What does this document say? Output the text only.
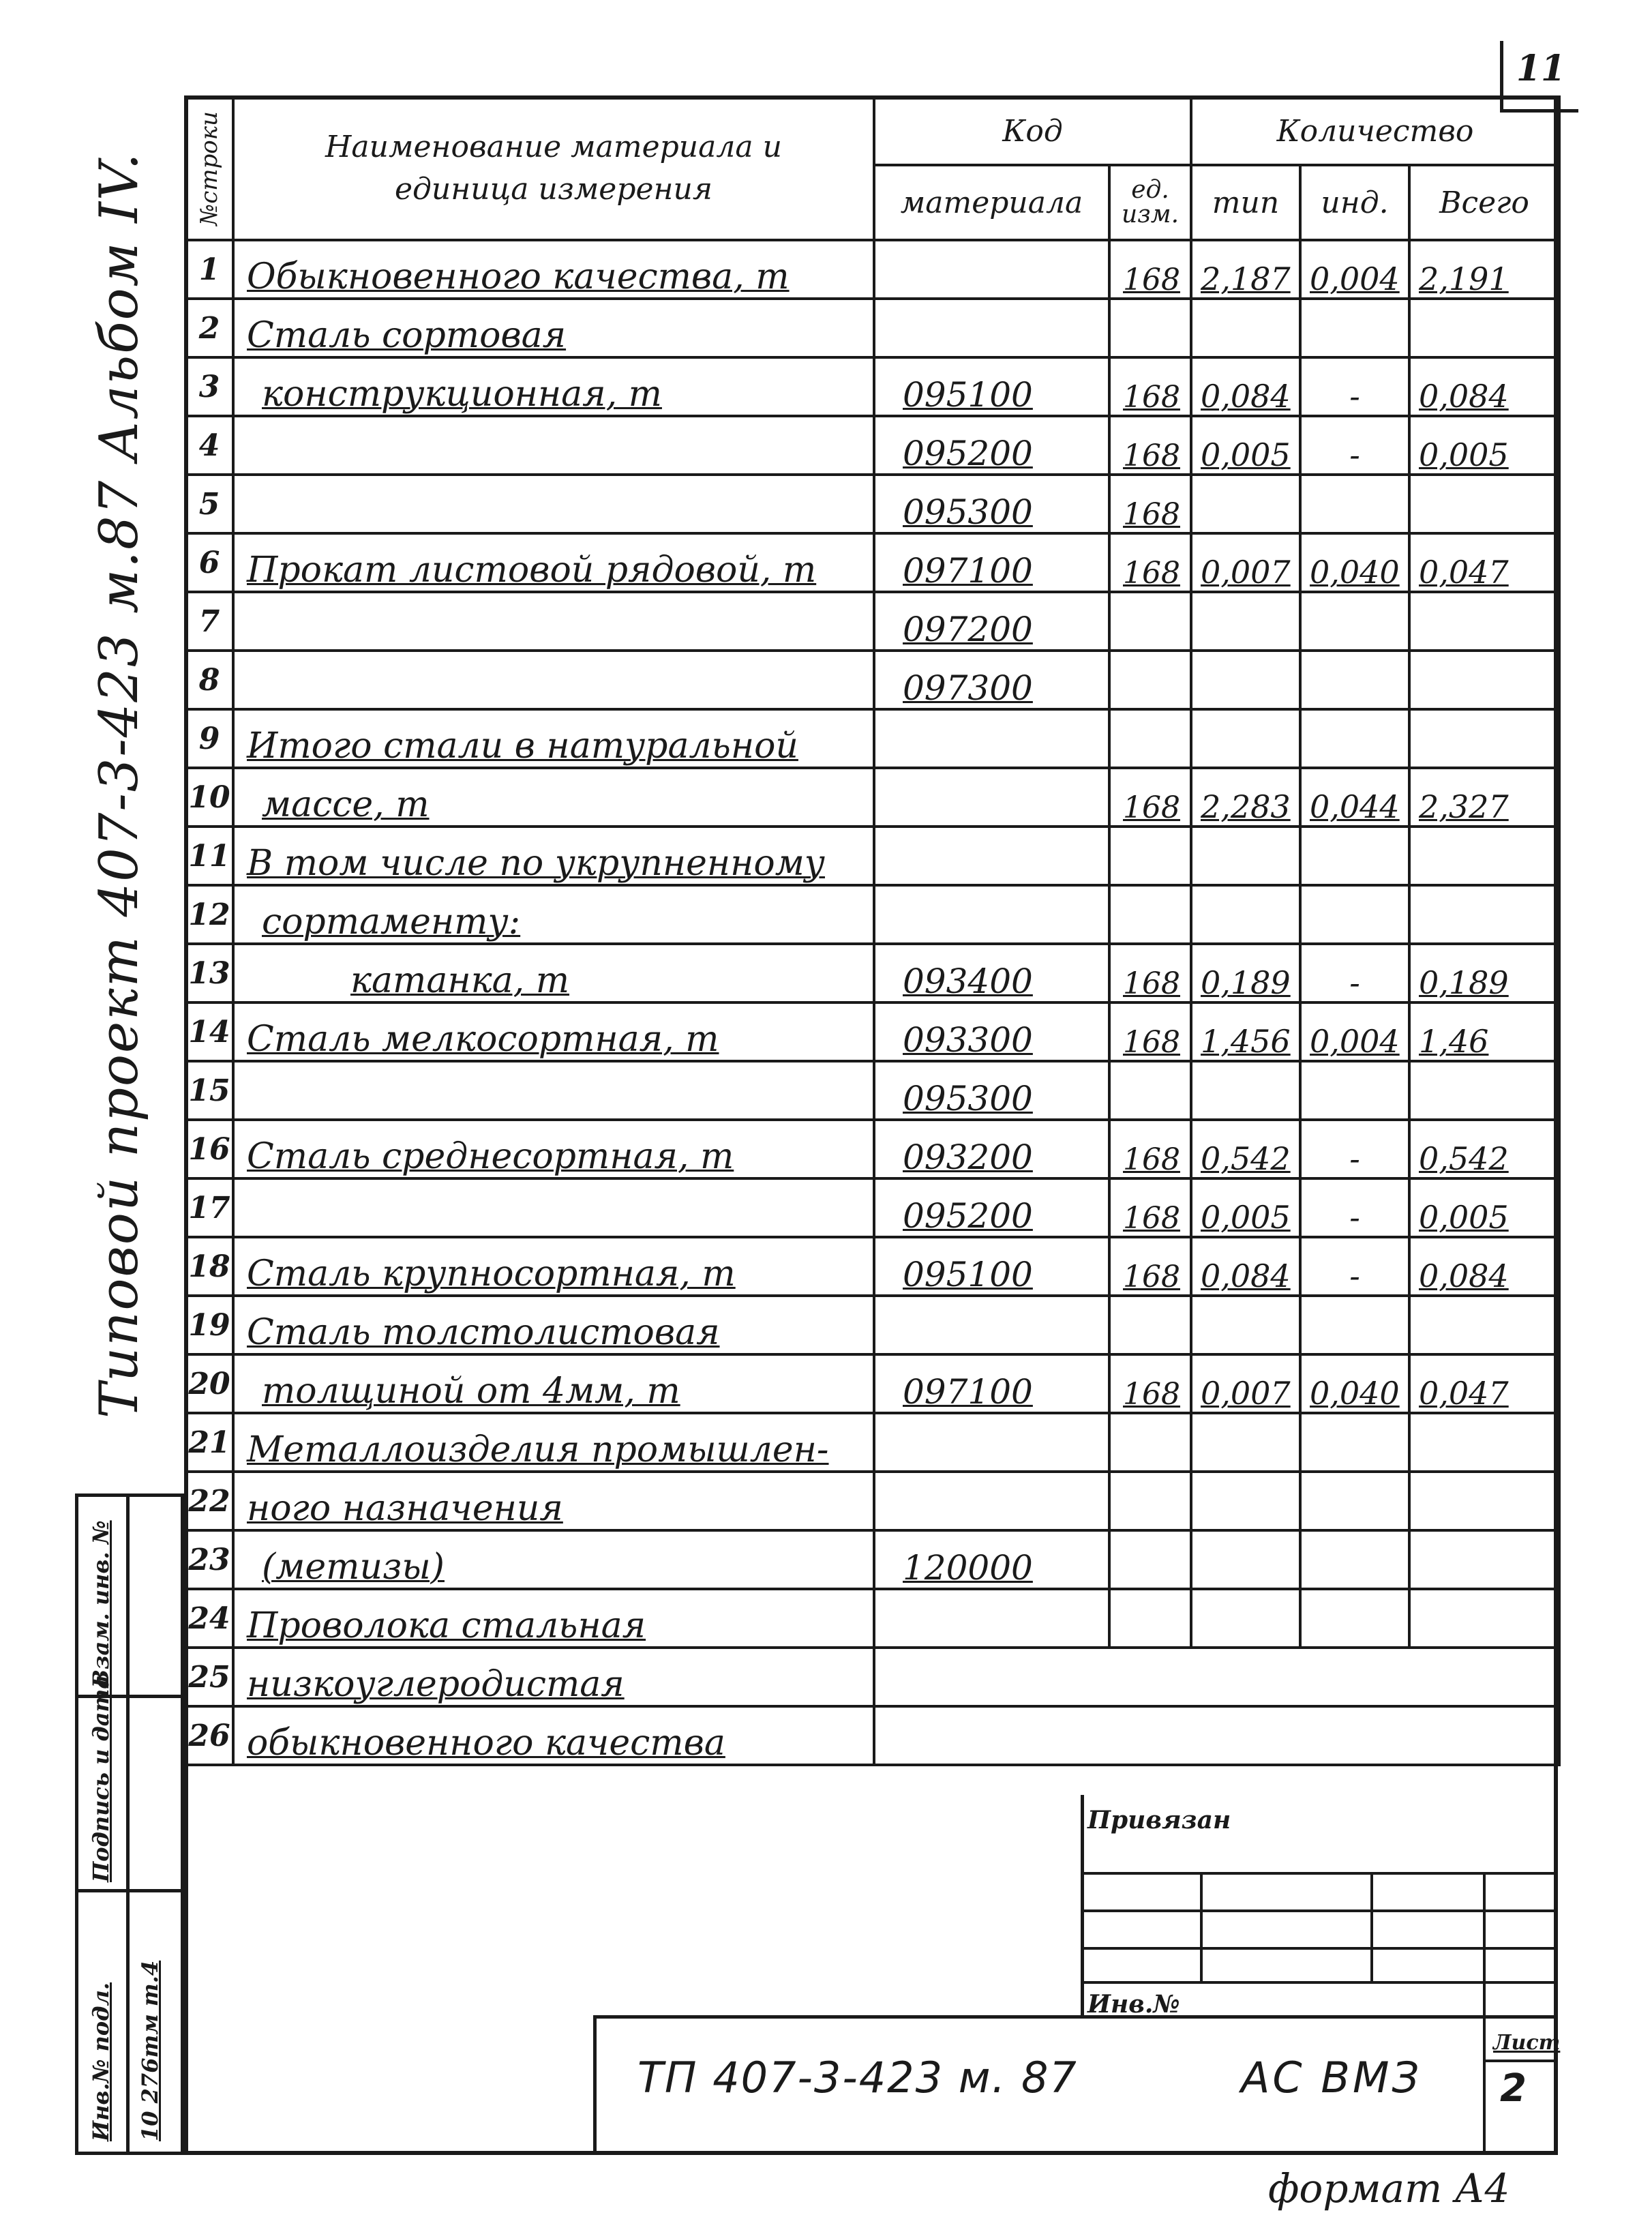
11
№строки	Наименование материала и единица измерения	Код		Количество		
		материала	ед. изм.	тип	инд.	Всего
1	Обыкновенного качества, т		168	2,187	0,004	2,191
2	Сталь сортовая					
3	конструкционная, т	095100	168	0,084	-	0,084
4		095200	168	0,005	-	0,005
5		095300	168			
6	Прокат листовой рядовой, т	097100	168	0,007	0,040	0,047
7		097200				
8		097300				
9	Итого стали в натуральной					
10	массе, т		168	2,283	0,044	2,327
11	В том числе по укрупненному					
12	сортаменту:					
13	катанка, т	093400	168	0,189	-	0,189
14	Сталь мелкосортная, т	093300	168	1,456	0,004	1,46
15		095300				
16	Сталь среднесортная, т	093200	168	0,542	-	0,542
17		095200	168	0,005	-	0,005
18	Сталь крупносортная, т	095100	168	0,084	-	0,084
19	Сталь толстолистовая					
20	толщиной от 4мм, т	097100	168	0,007	0,040	0,047
21	Металлоизделия промышлен-					
22	ного назначения					
23	(метизы)	120000				
24	Проволока стальная					
25	низкоуглеродистая					
26	обыкновенного качества					
Типовой проект 407-3-423 м.87 Альбом IV.
Взам. инв. №
Подпись и дата
Инв.№ подл. 10 276тм т.4
Привязан
Инв.№
ТП 407-3-423 м. 87	АС ВМЗ
Лист
2
формат А4
